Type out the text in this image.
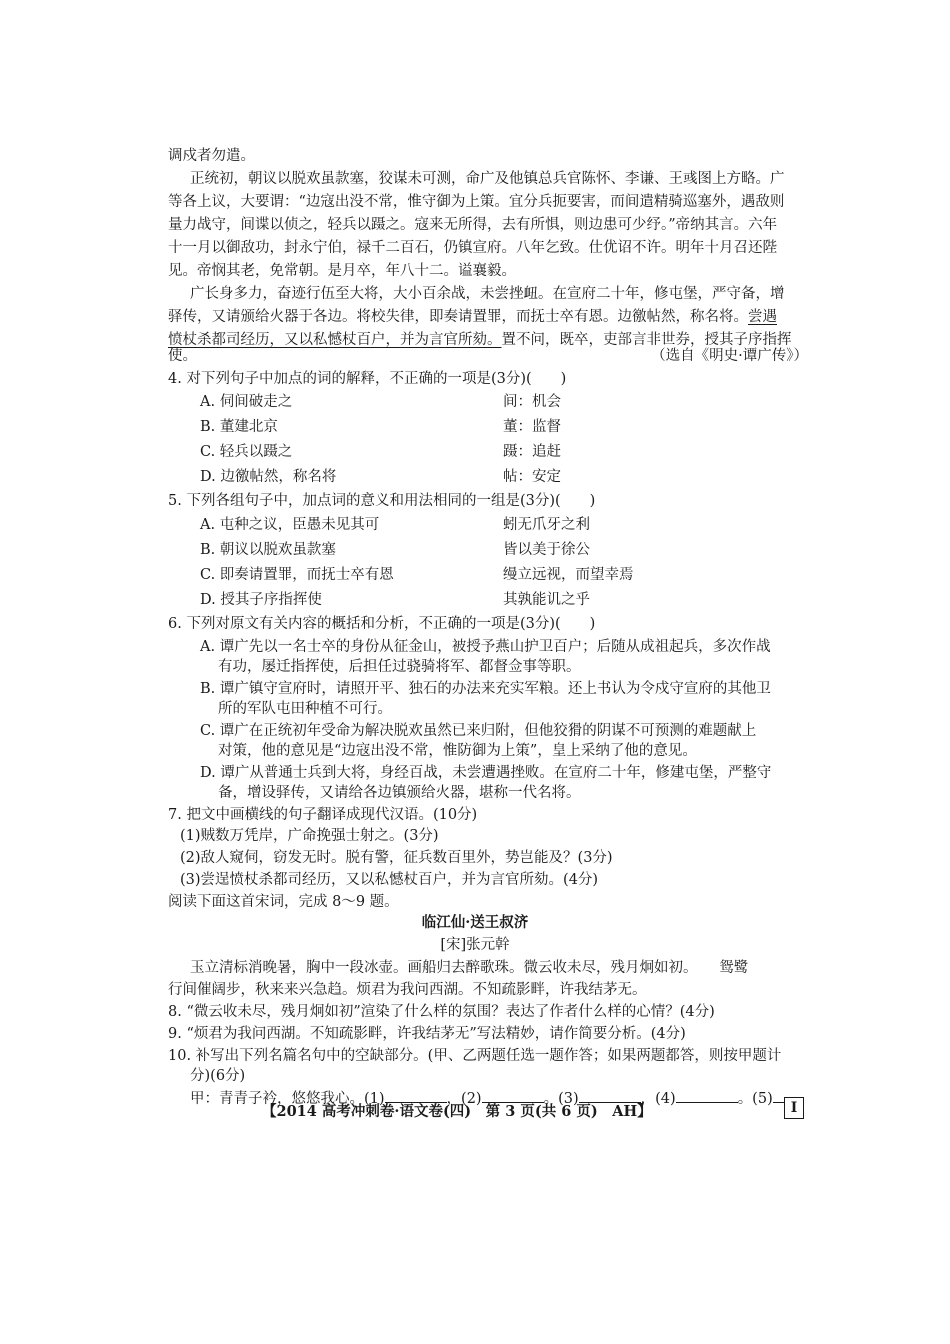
调戍者勿遣。
正统初，朝议以脱欢虽款塞，狡谋未可测，命广及他镇总兵官陈怀、李谦、王彧图上方略。广
等各上议，大要谓：“边寇出没不常，惟守御为上策。宜分兵扼要害，而间遣精骑巡塞外，遇敌则
量力战守，间谍以侦之，轻兵以蹑之。寇来无所得，去有所惧，则边患可少纾。”帝纳其言。六年
十一月以御敌功，封永宁伯，禄千二百石，仍镇宣府。八年乞致。仕优诏不许。明年十月召还陛
见。帝悯其老，免常朝。是月卒，年八十二。谥襄毅。
广长身多力，奋迹行伍至大将，大小百余战，未尝挫衄。在宣府二十年，修屯堡，严守备，增
驿传，又请颁给火器于各边。将校失律，即奏请置罪，而抚士卒有恩。边徼帖然，称名将。尝遇
愤杖杀都司经历，又以私憾杖百户，并为言官所劾。置不问，既卒，吏部言非世券，授其子序指挥
使。	（选自《明史·谭广传》）
4. 对下列句子中加点的词的解释，不正确的一项是(3分)(　　)
A. 伺间破走之	间：机会
B. 董建北京	董：监督
C. 轻兵以蹑之	蹑：追赶
D. 边徼帖然，称名将	帖：安定
5. 下列各组句子中，加点词的意义和用法相同的一组是(3分)(　　)
A. 屯种之议，臣愚未见其可	蚓无爪牙之利
B. 朝议以脱欢虽款塞	皆以美于徐公
C. 即奏请置罪，而抚士卒有恩	缦立远视，而望幸焉
D. 授其子序指挥使	其孰能讥之乎
6. 下列对原文有关内容的概括和分析，不正确的一项是(3分)(　　)
A. 谭广先以一名士卒的身份从征金山，被授予燕山护卫百户；后随从成祖起兵，多次作战
有功，屡迁指挥使，后担任过骁骑将军、都督佥事等职。
B. 谭广镇守宣府时，请照开平、独石的办法来充实军粮。还上书认为令戍守宣府的其他卫
所的军队屯田种植不可行。
C. 谭广在正统初年受命为解决脱欢虽然已来归附，但他狡猾的阴谋不可预测的难题献上
对策，他的意见是“边寇出没不常，惟防御为上策”，皇上采纳了他的意见。
D. 谭广从普通士兵到大将，身经百战，未尝遭遇挫败。在宣府二十年，修建屯堡，严整守
备，增设驿传，又请给各边镇颁给火器，堪称一代名将。
7. 把文中画横线的句子翻译成现代汉语。(10分)
(1)贼数万凭岸，广命挽强士射之。(3分)
(2)敌人窥伺，窃发无时。脱有警，征兵数百里外，势岂能及？(3分)
(3)尝逞愤杖杀都司经历，又以私憾杖百户，并为言官所劾。(4分)
阅读下面这首宋词，完成 8～9 题。
临江仙·送王叔济
[宋]张元幹
玉立清标消晚暑，胸中一段冰壶。画船归去醉歌珠。微云收未尽，残月炯如初。　　鸳鹭
行间催阔步，秋来来兴急趋。烦君为我问西湖。不知疏影畔，许我结茅无。
8. “微云收未尽，残月炯如初”渲染了什么样的氛围？表达了作者什么样的心情？(4分)
9. “烦君为我问西湖。不知疏影畔，许我结茅无”写法精妙，请作简要分析。(4分)
10. 补写出下列名篇名句中的空缺部分。(甲、乙两题任选一题作答；如果两题都答，则按甲题计
分)(6分)
甲：青青子衿，悠悠我心。(1)	，(2)	。(3)	，(4)	。(5)
【2014 高考冲刺卷·语文卷(四)　第 3 页(共 6 页)　AH】	I
